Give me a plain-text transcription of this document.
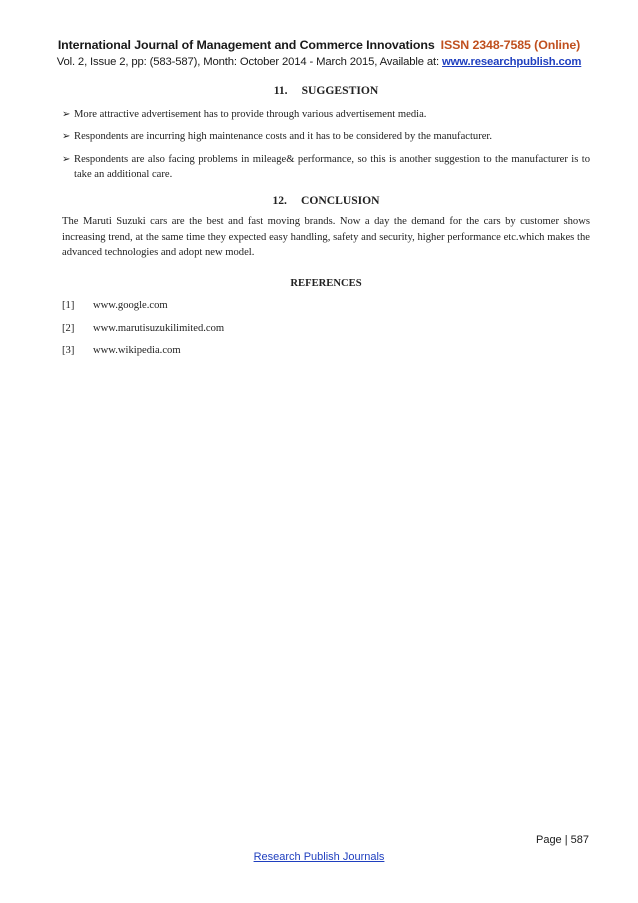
International Journal of Management and Commerce Innovations ISSN 2348-7585 (Online)
Vol. 2, Issue 2, pp: (583-587), Month: October 2014 - March 2015, Available at: www.researchpublish.com
11. SUGGESTION
➢ More attractive advertisement has to provide through various advertisement media.
➢ Respondents are incurring high maintenance costs and it has to be considered by the manufacturer.
➢ Respondents are also facing problems in mileage& performance, so this is another suggestion to the manufacturer is to take an additional care.
12. CONCLUSION

The Maruti Suzuki cars are the best and fast moving brands. Now a day the demand for the cars by customer shows increasing trend, at the same time they expected easy handling, safety and security, higher performance etc.which makes the advanced technologies and adopt new model.

REFERENCES
[1]	www.google.com
[2]	www.marutisuzukilimited.com
[3]	www.wikipedia.com
Page | 587
Research Publish Journals
